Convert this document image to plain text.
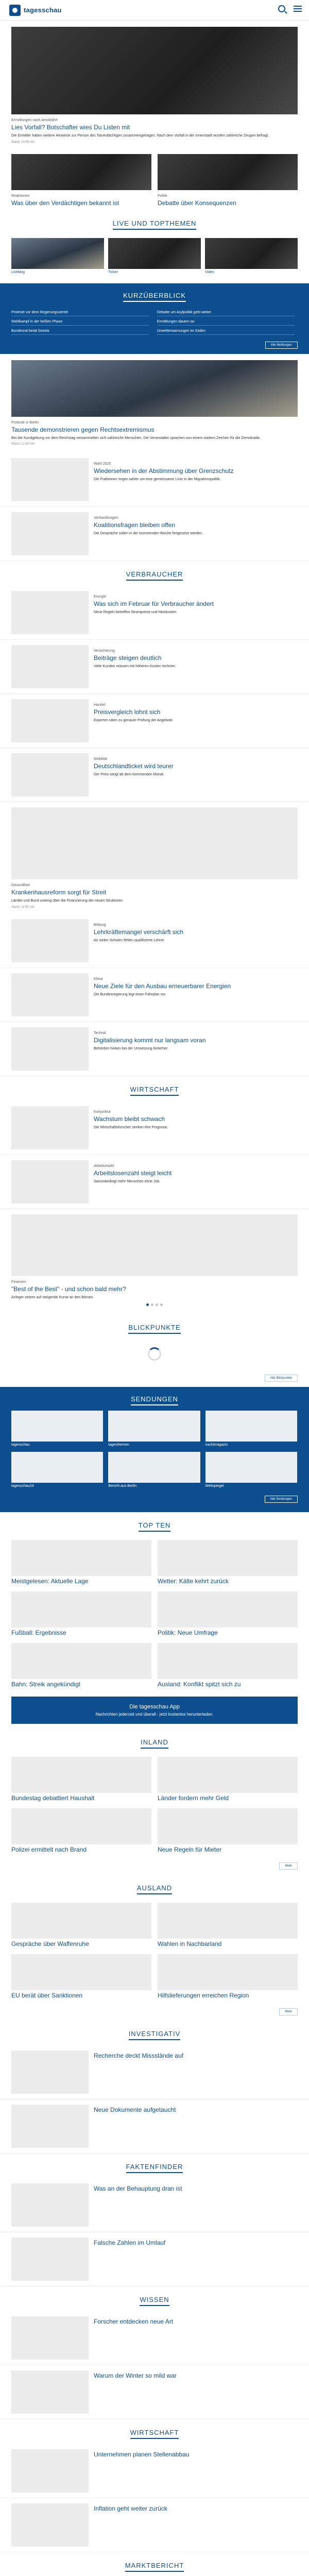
tagesschau
Ermittlungen nach Amokfahrt
Lies Vorfall? Botschafter wies Du Listen mit
Die Ermittler haben weitere Hinweise zur Person des Tatverdächtigen zusammengetragen. Nach dem Vorfall in der Innenstadt wurden zahlreiche Zeugen befragt.
Stand: 13:45 Uhr
Reaktionen
Was über den Verdächtigen bekannt ist
Politik
Debatte über Konsequenzen
LIVE UND TOPTHEMEN
Liveblog	Ticker	Video
KURZÜBERBLICK
Proteste vor dem Regierungsviertel	Debatte um Asylpolitik geht weiter
Wahlkampf in der heißen Phase	Ermittlungen dauern an
Bundesrat berät Gesetz	Unwetterwarnungen im Süden
Alle Meldungen
Proteste in Berlin
Tausende demonstrieren gegen Rechtsextremismus
Bei der Kundgebung vor dem Reichstag versammelten sich zahlreiche Menschen. Die Veranstalter sprachen von einem starken Zeichen für die Demokratie.
Stand: 12:20 Uhr
Wahl 2025
Wiedersehen in der Abstimmung über Grenzschutz
Die Fraktionen ringen weiter um eine gemeinsame Linie in der Migrationspolitik.
Verhandlungen
Koalitionsfragen bleiben offen
Die Gespräche sollen in der kommenden Woche fortgesetzt werden.
VERBRAUCHER
Energie
Was sich im Februar für Verbraucher ändert
Neue Regeln betreffen Strompreise und Heizkosten.
Versicherung
Beiträge steigen deutlich
Viele Kunden müssen mit höheren Kosten rechnen.
Handel
Preisvergleich lohnt sich
Experten raten zu genauer Prüfung der Angebote.
Mobilität
Deutschlandticket wird teurer
Der Preis steigt ab dem kommenden Monat.
Gesundheit
Krankenhausreform sorgt für Streit
Länder und Bund uneinig über die Finanzierung der neuen Strukturen.
Stand: 11:05 Uhr
Bildung
Lehrkräftemangel verschärft sich
An vielen Schulen fehlen qualifizierte Lehrer.
Klima
Neue Ziele für den Ausbau erneuerbarer Energien
Die Bundesregierung legt einen Fahrplan vor.
Technik
Digitalisierung kommt nur langsam voran
Behörden hinken bei der Umsetzung hinterher.
WIRTSCHAFT
Konjunktur
Wachstum bleibt schwach
Die Wirtschaftsforscher senken ihre Prognose.
Arbeitsmarkt
Arbeitslosenzahl steigt leicht
Saisonbedingt mehr Menschen ohne Job.
Finanzen
"Best of the Best" - und schon bald mehr?
Anleger setzen auf steigende Kurse an den Börsen.
BLICKPUNKTE
Alle Blickpunkte
SENDUNGEN
tagesschau	tagesthemen	nachtmagazin
tagesschau24	Bericht aus Berlin	Weltspiegel
Alle Sendungen
TOP TEN
Meistgelesen: Aktuelle Lage	Wetter: Kälte kehrt zurück
Fußball: Ergebnisse	Politik: Neue Umfrage
Bahn: Streik angekündigt	Ausland: Konflikt spitzt sich zu
Die tagesschau App
Nachrichten jederzeit und überall - jetzt kostenlos herunterladen.
INLAND
Bundestag debattiert Haushalt	Länder fordern mehr Geld
Polizei ermittelt nach Brand	Neue Regeln für Mieter
Mehr
AUSLAND
Gespräche über Waffenruhe	Wahlen in Nachbarland
EU berät über Sanktionen	Hilfslieferungen erreichen Region
Mehr
INVESTIGATIV
Recherche deckt Missstände auf
Neue Dokumente aufgetaucht
FAKTENFINDER
Was an der Behauptung dran ist
Falsche Zahlen im Umlauf
WISSEN
Forscher entdecken neue Art
Warum der Winter so mild war
WIRTSCHAFT
Unternehmen planen Stellenabbau
Inflation geht weiter zurück
MARKTBERICHT
